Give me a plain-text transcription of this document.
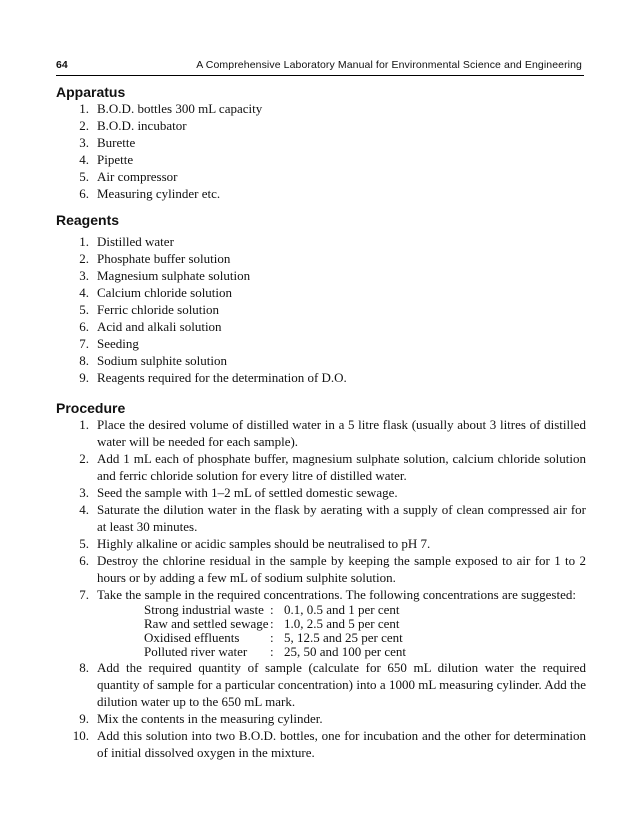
64	A Comprehensive Laboratory Manual for Environmental Science and Engineering
Apparatus
1. B.O.D. bottles 300 mL capacity
2. B.O.D. incubator
3. Burette
4. Pipette
5. Air compressor
6. Measuring cylinder etc.
Reagents
1. Distilled water
2. Phosphate buffer solution
3. Magnesium sulphate solution
4. Calcium chloride solution
5. Ferric chloride solution
6. Acid and alkali solution
7. Seeding
8. Sodium sulphite solution
9. Reagents required for the determination of D.O.
Procedure
1. Place the desired volume of distilled water in a 5 litre flask (usually about 3 litres of distilled water will be needed for each sample).
2. Add 1 mL each of phosphate buffer, magnesium sulphate solution, calcium chloride solution and ferric chloride solution for every litre of distilled water.
3. Seed the sample with 1–2 mL of settled domestic sewage.
4. Saturate the dilution water in the flask by aerating with a supply of clean compressed air for at least 30 minutes.
5. Highly alkaline or acidic samples should be neutralised to pH 7.
6. Destroy the chlorine residual in the sample by keeping the sample exposed to air for 1 to 2 hours or by adding a few mL of sodium sulphite solution.
7. Take the sample in the required concentrations. The following concentrations are suggested:
Strong industrial waste	:	0.1, 0.5 and 1 per cent
Raw and settled sewage	:	1.0, 2.5 and 5 per cent
Oxidised effluents	:	5, 12.5 and 25 per cent
Polluted river water	:	25, 50 and 100 per cent
8. Add the required quantity of sample (calculate for 650 mL dilution water the required quantity of sample for a particular concentration) into a 1000 mL measuring cylinder. Add the dilution water up to the 650 mL mark.
9. Mix the contents in the measuring cylinder.
10. Add this solution into two B.O.D. bottles, one for incubation and the other for determination of initial dissolved oxygen in the mixture.
